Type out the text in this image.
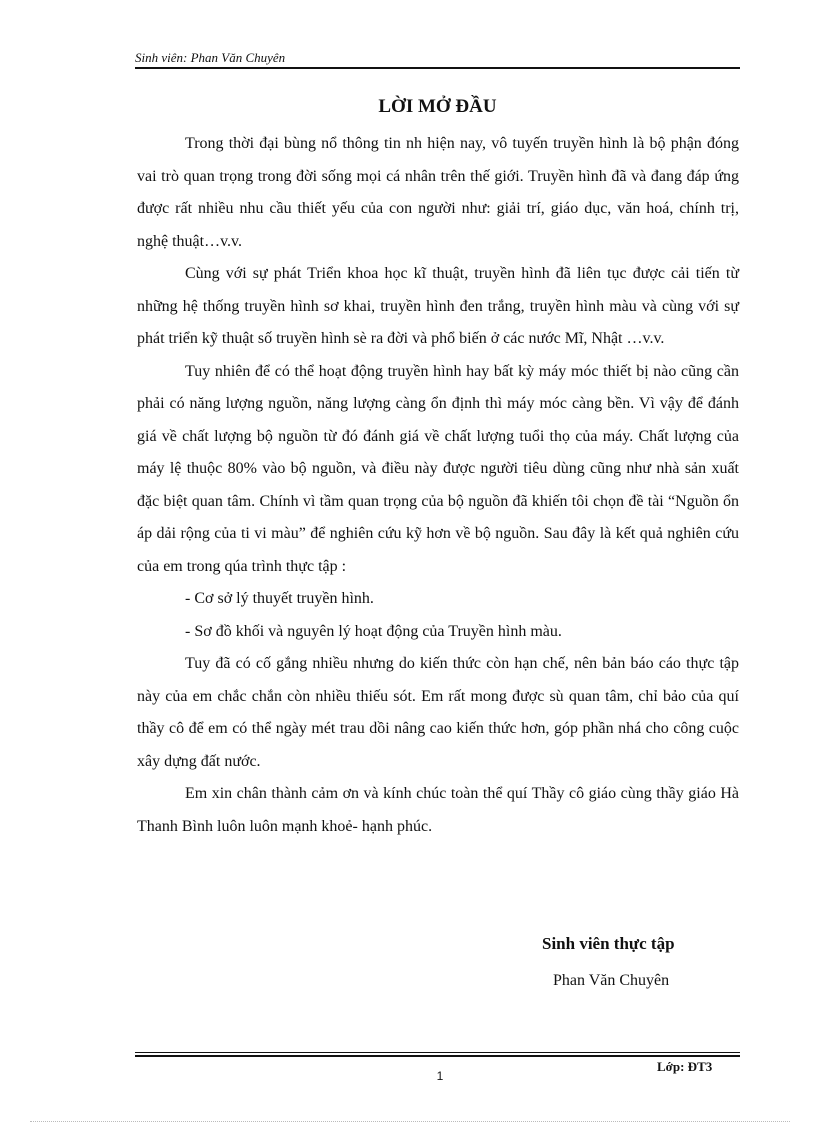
Sinh viên: Phan Văn Chuyên
LỜI MỞ ĐẦU

Trong thời đại bùng nổ thông tin nh hiện nay, vô tuyến truyền hình là bộ phận đóng vai trò quan trọng trong đời sống mọi cá nhân trên thế giới. Truyền hình đã và đang đáp ứng được rất nhiều nhu cầu thiết yếu của con người như: giải trí, giáo dục, văn hoá, chính trị, nghệ thuật…v.v.

Cùng với sự phát Triển khoa học kĩ thuật, truyền hình đã liên tục được cải tiến từ những hệ thống truyền hình sơ khai, truyền hình đen trắng, truyền hình màu và cùng với sự phát triển kỹ thuật số truyền hình sè ra đời và phổ biến ở các nước Mĩ, Nhật …v.v.

Tuy nhiên để có thể hoạt động truyền hình hay bất kỳ máy móc thiết bị nào cũng cần phải có năng lượng nguồn, năng lượng càng ổn định thì máy móc càng bền. Vì vậy để đánh giá về chất lượng bộ nguồn từ đó đánh giá về chất lượng tuổi thọ của máy. Chất lượng của máy lệ thuộc 80% vào bộ nguồn, và điều này được người tiêu dùng cũng như nhà sản xuất đặc biệt quan tâm. Chính vì tầm quan trọng của bộ nguồn đã khiến tôi chọn đề tài “Nguồn ổn áp dải rộng của ti vi màu” để nghiên cứu kỹ hơn về bộ nguồn. Sau đây là kết quả nghiên cứu của em trong qúa trình thực tập :

- Cơ sở lý thuyết truyền hình.

- Sơ đồ khối và nguyên lý hoạt động của Truyền hình màu.

Tuy đã có cố gắng nhiều nhưng do kiến thức còn hạn chế, nên bản báo cáo thực tập này của em chắc chắn còn nhiều thiếu sót. Em rất mong được sù quan tâm, chỉ bảo của quí thầy cô để em có thể ngày mét trau dồi nâng cao kiến thức hơn, góp phần nhá cho công cuộc xây dựng đất nước.

Em xin chân thành cảm ơn và kính chúc toàn thể quí Thầy cô giáo cùng thầy giáo Hà Thanh Bình luôn luôn mạnh khoẻ- hạnh phúc.

Sinh viên thực tập
Phan Văn Chuyên
Lớp: ĐT3
1
